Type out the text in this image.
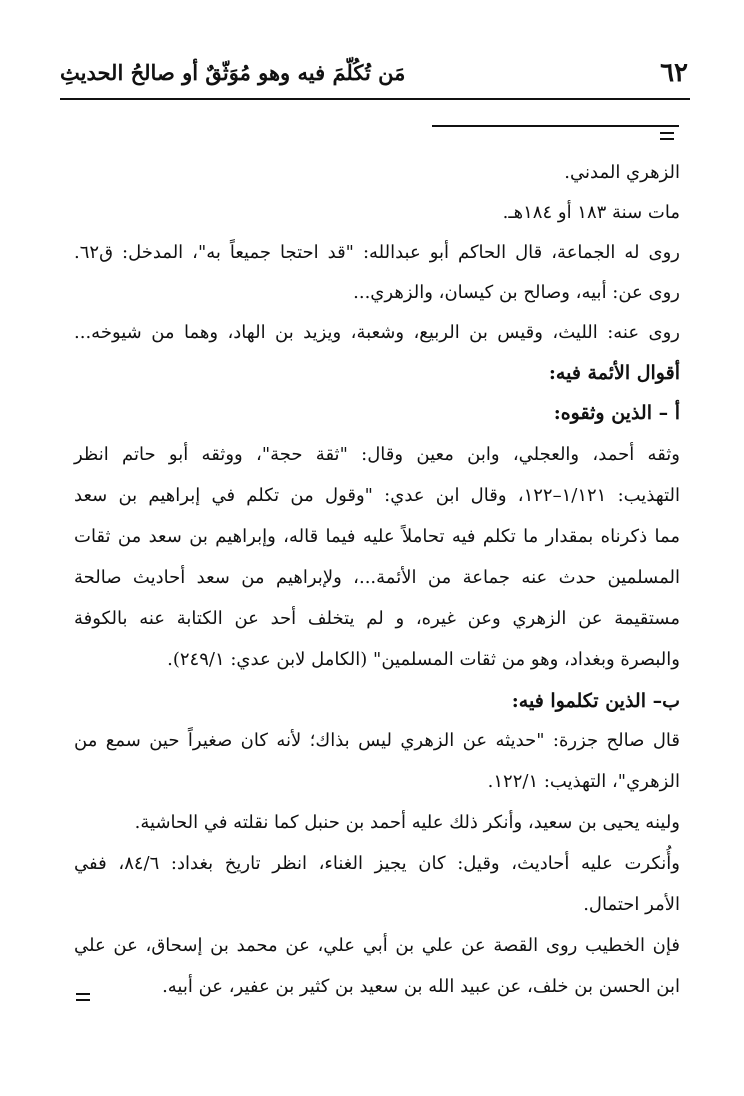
٦٢
مَن تُكُلّمَ فيه وهو مُوَثّقٌ أو صالحُ الحديثِ
الزهري المدني.
مات سنة ١٨٣ أو ١٨٤هـ.
روى له الجماعة، قال الحاكم أبو عبدالله: "قد احتجا جميعاً به"، المدخل: ق٦٢.
روى عن: أبيه، وصالح بن كيسان، والزهري...
روى عنه: الليث، وقيس بن الربيع، وشعبة، ويزيد بن الهاد، وهما من شيوخه...
أقوال الأئمة فيه:
أ – الذين وثقوه:
وثقه أحمد، والعجلي، وابن معين وقال: "ثقة حجة"، ووثقه أبو حاتم انظر
التهذيب: ١/١٢١–١٢٢، وقال ابن عدي: "وقول من تكلم في إبراهيم بن سعد
مما ذكرناه بمقدار ما تكلم فيه تحاملاً عليه فيما قاله، وإبراهيم بن سعد من ثقات
المسلمين حدث عنه جماعة من الأئمة...، ولإبراهيم من سعد أحاديث صالحة
مستقيمة عن الزهري وعن غيره، و لم يتخلف أحد عن الكتابة عنه بالكوفة
والبصرة وبغداد، وهو من ثقات المسلمين" (الكامل لابن عدي: ٢٤٩/١).
ب– الذين تكلموا فيه:
قال صالح جزرة: "حديثه عن الزهري ليس بذاك؛ لأنه كان صغيراً حين سمع من
الزهري"، التهذيب: ١٢٢/١.
ولينه يحيى بن سعيد، وأنكر ذلك عليه أحمد بن حنبل كما نقلته في الحاشية.
وأُنكرت عليه أحاديث، وقيل: كان يجيز الغناء، انظر تاريخ بغداد: ٨٤/٦، ففي
الأمر احتمال.
فإن الخطيب روى القصة عن علي بن أبي علي، عن محمد بن إسحاق، عن علي
ابن الحسن بن خلف، عن عبيد الله بن سعيد بن كثير بن عفير، عن أبيه.
